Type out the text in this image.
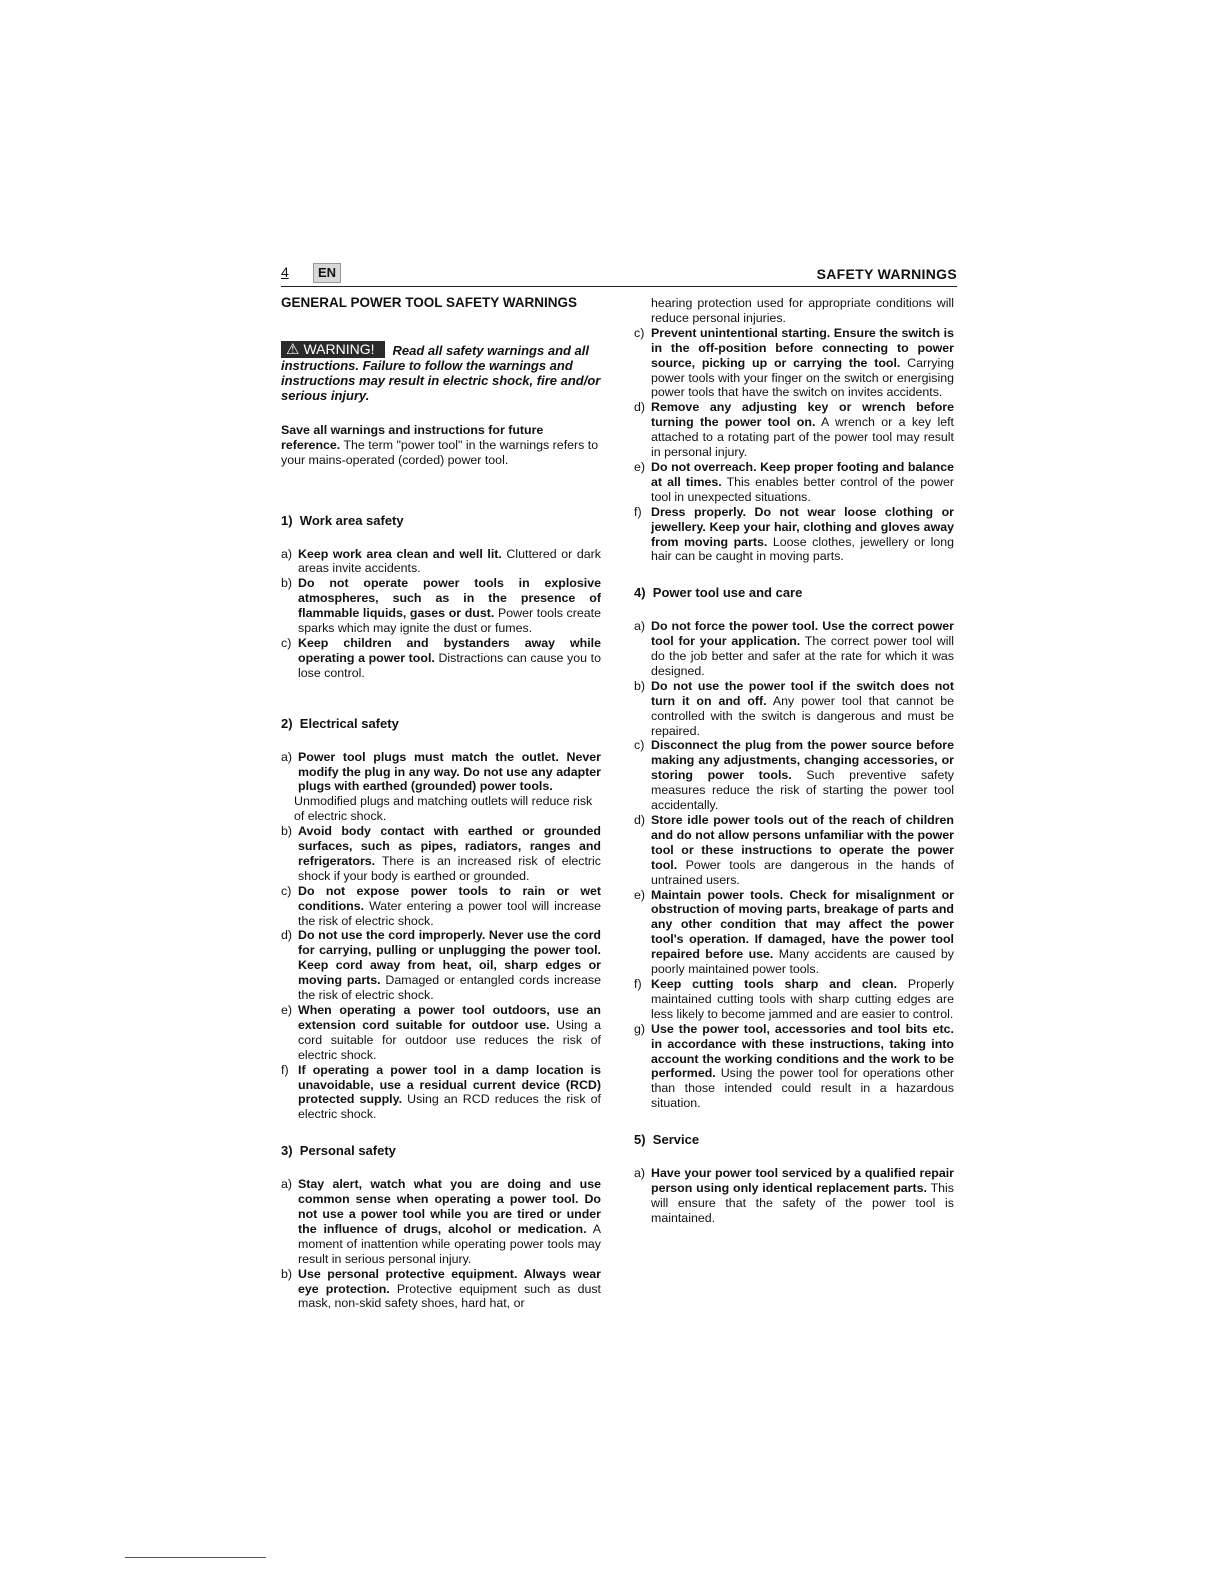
4	EN	SAFETY WARNINGS
GENERAL POWER TOOL SAFETY WARNINGS
⚠ WARNING! Read all safety warnings and all instructions. Failure to follow the warnings and instructions may result in electric shock, fire and/or serious injury.
Save all warnings and instructions for future reference. The term "power tool" in the warnings refers to your mains-operated (corded) power tool.
1) Work area safety
a) Keep work area clean and well lit. Cluttered or dark areas invite accidents.
b) Do not operate power tools in explosive atmospheres, such as in the presence of flammable liquids, gases or dust. Power tools create sparks which may ignite the dust or fumes.
c) Keep children and bystanders away while operating a power tool. Distractions can cause you to lose control.
2) Electrical safety
a) Power tool plugs must match the outlet. Never modify the plug in any way. Do not use any adapter plugs with earthed (grounded) power tools.
Unmodified plugs and matching outlets will reduce risk of electric shock.
b) Avoid body contact with earthed or grounded surfaces, such as pipes, radiators, ranges and refrigerators. There is an increased risk of electric shock if your body is earthed or grounded.
c) Do not expose power tools to rain or wet conditions. Water entering a power tool will increase the risk of electric shock.
d) Do not use the cord improperly. Never use the cord for carrying, pulling or unplugging the power tool. Keep cord away from heat, oil, sharp edges or moving parts. Damaged or entangled cords increase the risk of electric shock.
e) When operating a power tool outdoors, use an extension cord suitable for outdoor use. Using a cord suitable for outdoor use reduces the risk of electric shock.
f) If operating a power tool in a damp location is unavoidable, use a residual current device (RCD) protected supply. Using an RCD reduces the risk of electric shock.
3) Personal safety
a) Stay alert, watch what you are doing and use common sense when operating a power tool. Do not use a power tool while you are tired or under the influence of drugs, alcohol or medication. A moment of inattention while operating power tools may result in serious personal injury.
b) Use personal protective equipment. Always wear eye protection. Protective equipment such as dust mask, non-skid safety shoes, hard hat, or
hearing protection used for appropriate conditions will reduce personal injuries.
c) Prevent unintentional starting. Ensure the switch is in the off-position before connecting to power source, picking up or carrying the tool. Carrying power tools with your finger on the switch or energising power tools that have the switch on invites accidents.
d) Remove any adjusting key or wrench before turning the power tool on. A wrench or a key left attached to a rotating part of the power tool may result in personal injury.
e) Do not overreach. Keep proper footing and balance at all times. This enables better control of the power tool in unexpected situations.
f) Dress properly. Do not wear loose clothing or jewellery. Keep your hair, clothing and gloves away from moving parts. Loose clothes, jewellery or long hair can be caught in moving parts.
4) Power tool use and care
a) Do not force the power tool. Use the correct power tool for your application. The correct power tool will do the job better and safer at the rate for which it was designed.
b) Do not use the power tool if the switch does not turn it on and off. Any power tool that cannot be controlled with the switch is dangerous and must be repaired.
c) Disconnect the plug from the power source before making any adjustments, changing accessories, or storing power tools. Such preventive safety measures reduce the risk of starting the power tool accidentally.
d) Store idle power tools out of the reach of children and do not allow persons unfamiliar with the power tool or these instructions to operate the power tool. Power tools are dangerous in the hands of untrained users.
e) Maintain power tools. Check for misalignment or obstruction of moving parts, breakage of parts and any other condition that may affect the power tool's operation. If damaged, have the power tool repaired before use. Many accidents are caused by poorly maintained power tools.
f) Keep cutting tools sharp and clean. Properly maintained cutting tools with sharp cutting edges are less likely to become jammed and are easier to control.
g) Use the power tool, accessories and tool bits etc. in accordance with these instructions, taking into account the working conditions and the work to be performed. Using the power tool for operations other than those intended could result in a hazardous situation.
5) Service
a) Have your power tool serviced by a qualified repair person using only identical replacement parts. This will ensure that the safety of the power tool is maintained.
